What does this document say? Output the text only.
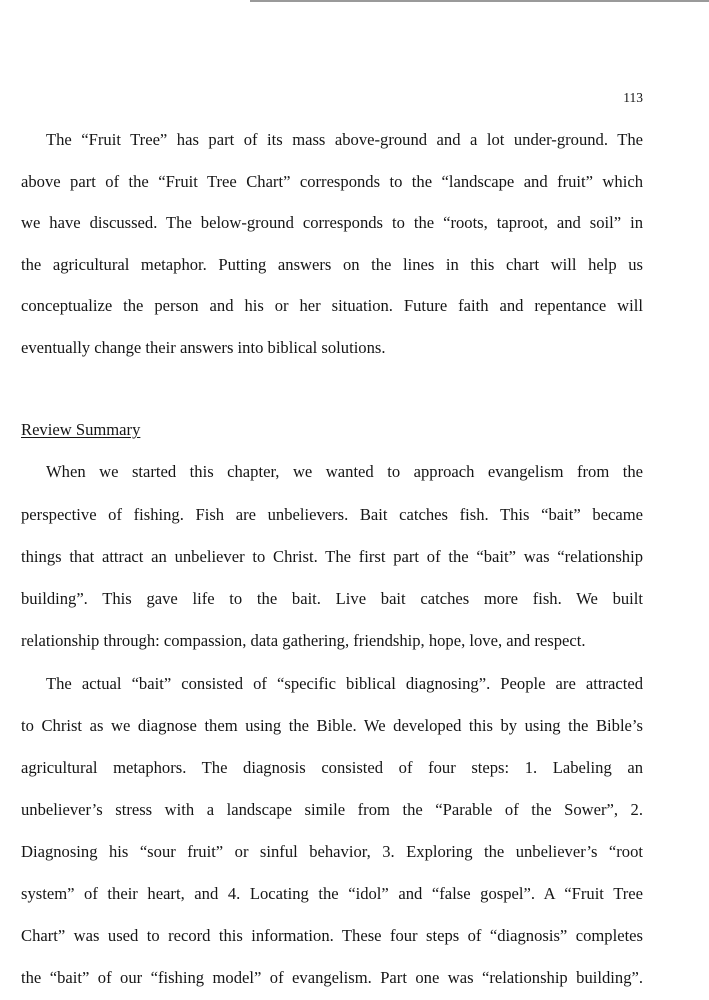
113
The “Fruit Tree” has part of its mass above-ground and a lot under-ground. The
above part of the “Fruit Tree Chart” corresponds to the “landscape and fruit” which
we have discussed. The below-ground corresponds to the “roots, taproot, and soil” in
the agricultural metaphor. Putting answers on the lines in this chart will help us
conceptualize the person and his or her situation. Future faith and repentance will
eventually change their answers into biblical solutions.
Review Summary
When we started this chapter, we wanted to approach evangelism from the
perspective of fishing. Fish are unbelievers. Bait catches fish. This “bait” became
things that attract an unbeliever to Christ. The first part of the “bait” was “relationship
building”. This gave life to the bait. Live bait catches more fish. We built
relationship through: compassion, data gathering, friendship, hope, love, and respect.
The actual “bait” consisted of “specific biblical diagnosing”. People are attracted
to Christ as we diagnose them using the Bible. We developed this by using the Bible’s
agricultural metaphors. The diagnosis consisted of four steps: 1. Labeling an
unbeliever’s stress with a landscape simile from the “Parable of the Sower”, 2.
Diagnosing his “sour fruit” or sinful behavior, 3. Exploring the unbeliever’s “root
system” of their heart, and 4. Locating the “idol” and “false gospel”. A “Fruit Tree
Chart” was used to record this information. These four steps of “diagnosis” completes
the “bait” of our “fishing model” of evangelism. Part one was “relationship building”.
